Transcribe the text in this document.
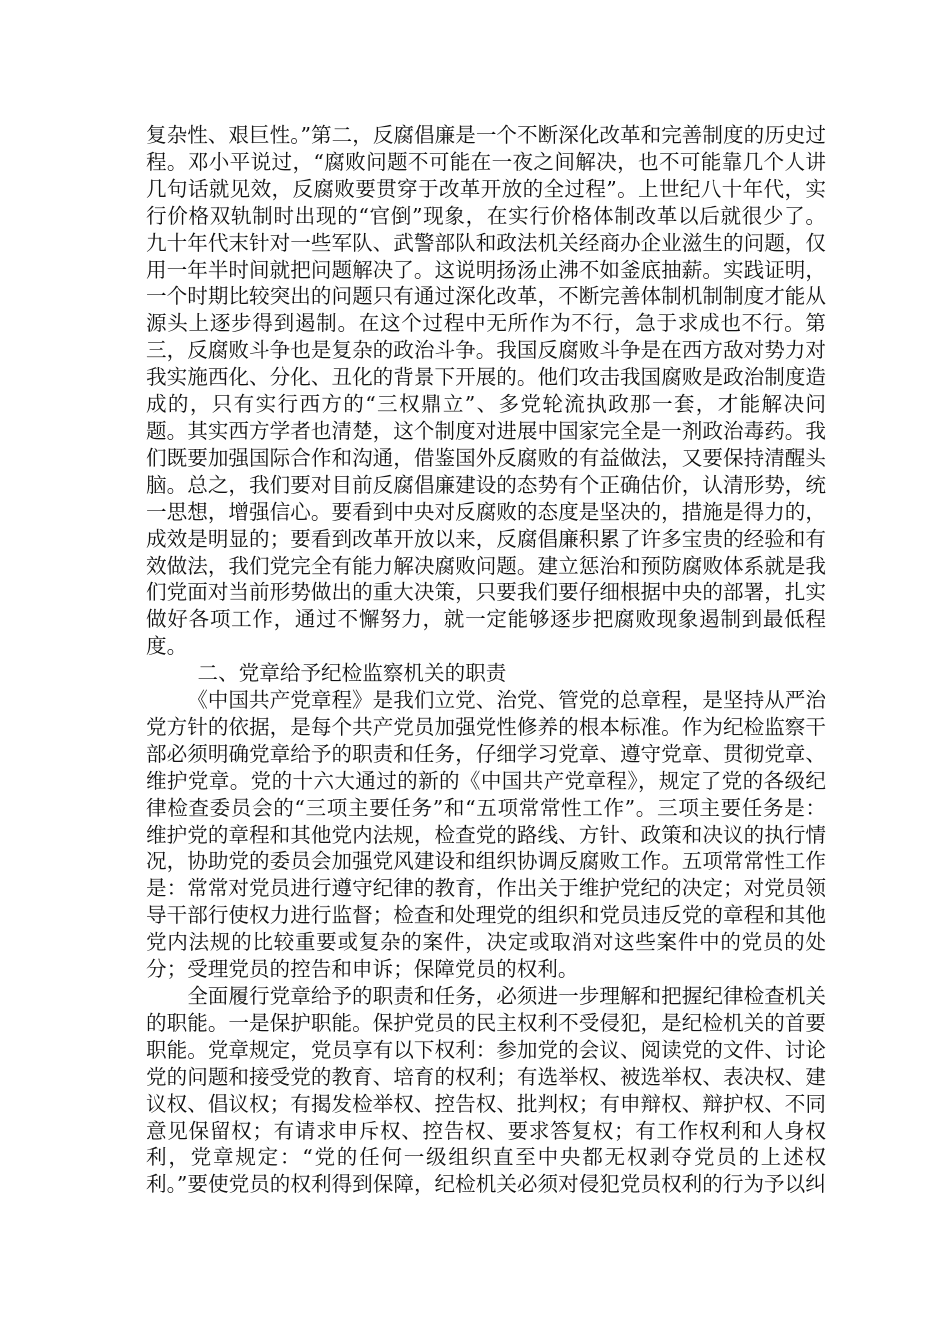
复杂性、艰巨性。”第二，反腐倡廉是一个不断深化改革和完善制度的历史过程。邓小平说过，“腐败问题不可能在一夜之间解决，也不可能靠几个人讲几句话就见效，反腐败要贯穿于改革开放的全过程”。上世纪八十年代，实行价格双轨制时出现的“官倒”现象，在实行价格体制改革以后就很少了。九十年代末针对一些军队、武警部队和政法机关经商办企业滋生的问题，仅用一年半时间就把问题解决了。这说明扬汤止沸不如釜底抽薪。实践证明，一个时期比较突出的问题只有通过深化改革，不断完善体制机制制度才能从源头上逐步得到遏制。在这个过程中无所作为不行，急于求成也不行。第三，反腐败斗争也是复杂的政治斗争。我国反腐败斗争是在西方敌对势力对我实施西化、分化、丑化的背景下开展的。他们攻击我国腐败是政治制度造成的，只有实行西方的“三权鼎立”、多党轮流执政那一套，才能解决问题。其实西方学者也清楚，这个制度对进展中国家完全是一剂政治毒药。我们既要加强国际合作和沟通，借鉴国外反腐败的有益做法，又要保持清醒头脑。总之，我们要对目前反腐倡廉建设的态势有个正确估价，认清形势，统一思想，增强信心。要看到中央对反腐败的态度是坚决的，措施是得力的，成效是明显的；要看到改革开放以来，反腐倡廉积累了许多宝贵的经验和有效做法，我们党完全有能力解决腐败问题。建立惩治和预防腐败体系就是我们党面对当前形势做出的重大决策，只要我们要仔细根据中央的部署，扎实做好各项工作，通过不懈努力，就一定能够逐步把腐败现象遏制到最低程度。

二、党章给予纪检监察机关的职责

《中国共产党章程》是我们立党、治党、管党的总章程，是坚持从严治党方针的依据，是每个共产党员加强党性修养的根本标准。作为纪检监察干部必须明确党章给予的职责和任务，仔细学习党章、遵守党章、贯彻党章、维护党章。党的十六大通过的新的《中国共产党章程》，规定了党的各级纪律检查委员会的“三项主要任务”和“五项常常性工作”。三项主要任务是：维护党的章程和其他党内法规，检查党的路线、方针、政策和决议的执行情况，协助党的委员会加强党风建设和组织协调反腐败工作。五项常常性工作是：常常对党员进行遵守纪律的教育，作出关于维护党纪的决定；对党员领导干部行使权力进行监督；检查和处理党的组织和党员违反党的章程和其他党内法规的比较重要或复杂的案件，决定或取消对这些案件中的党员的处分；受理党员的控告和申诉；保障党员的权利。

全面履行党章给予的职责和任务，必须进一步理解和把握纪律检查机关的职能。一是保护职能。保护党员的民主权利不受侵犯，是纪检机关的首要职能。党章规定，党员享有以下权利：参加党的会议、阅读党的文件、讨论党的问题和接受党的教育、培育的权利；有选举权、被选举权、表决权、建议权、倡议权；有揭发检举权、控告权、批判权；有申辩权、辩护权、不同意见保留权；有请求申斥权、控告权、要求答复权；有工作权利和人身权利，党章规定：“党的任何一级组织直至中央都无权剥夺党员的上述权利。”要使党员的权利得到保障，纪检机关必须对侵犯党员权利的行为予以纠
